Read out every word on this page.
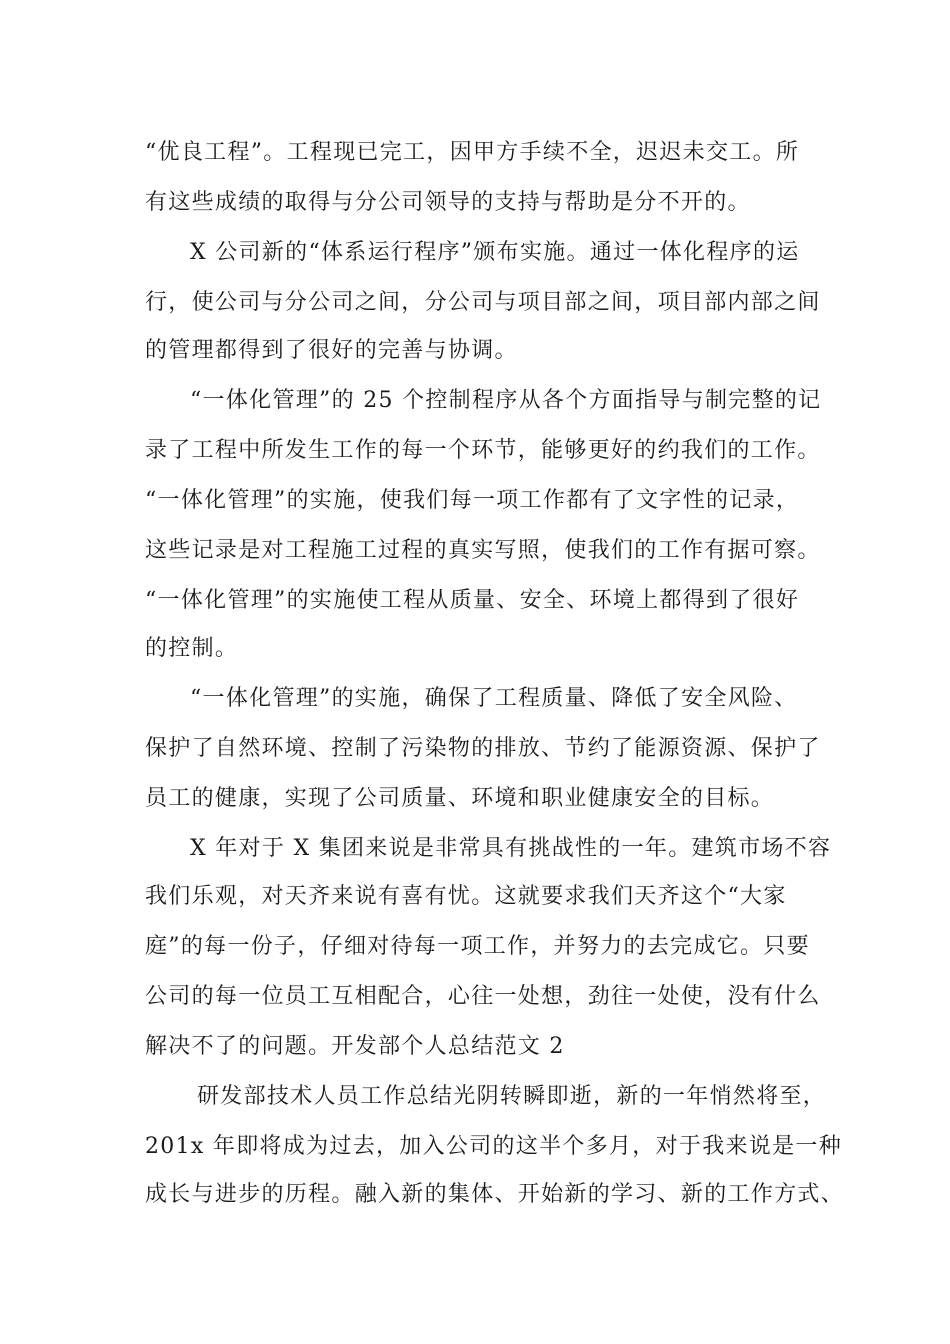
“优良工程”。工程现已完工，因甲方手续不全，迟迟未交工。所
有这些成绩的取得与分公司领导的支持与帮助是分不开的。
X 公司新的“体系运行程序”颁布实施。通过一体化程序的运
行，使公司与分公司之间，分公司与项目部之间，项目部内部之间
的管理都得到了很好的完善与协调。
“一体化管理”的 25 个控制程序从各个方面指导与制完整的记
录了工程中所发生工作的每一个环节，能够更好的约我们的工作。
“一体化管理”的实施，使我们每一项工作都有了文字性的记录，
这些记录是对工程施工过程的真实写照，使我们的工作有据可察。
“一体化管理”的实施使工程从质量、安全、环境上都得到了很好
的控制。
“一体化管理”的实施，确保了工程质量、降低了安全风险、
保护了自然环境、控制了污染物的排放、节约了能源资源、保护了
员工的健康，实现了公司质量、环境和职业健康安全的目标。
X 年对于 X 集团来说是非常具有挑战性的一年。建筑市场不容
我们乐观，对天齐来说有喜有忧。这就要求我们天齐这个“大家
庭”的每一份子，仔细对待每一项工作，并努力的去完成它。只要
公司的每一位员工互相配合，心往一处想，劲往一处使，没有什么
解决不了的问题。开发部个人总结范文 2
研发部技术人员工作总结光阴转瞬即逝，新的一年悄然将至，
201x 年即将成为过去，加入公司的这半个多月，对于我来说是一种
成长与进步的历程。融入新的集体、开始新的学习、新的工作方式、
